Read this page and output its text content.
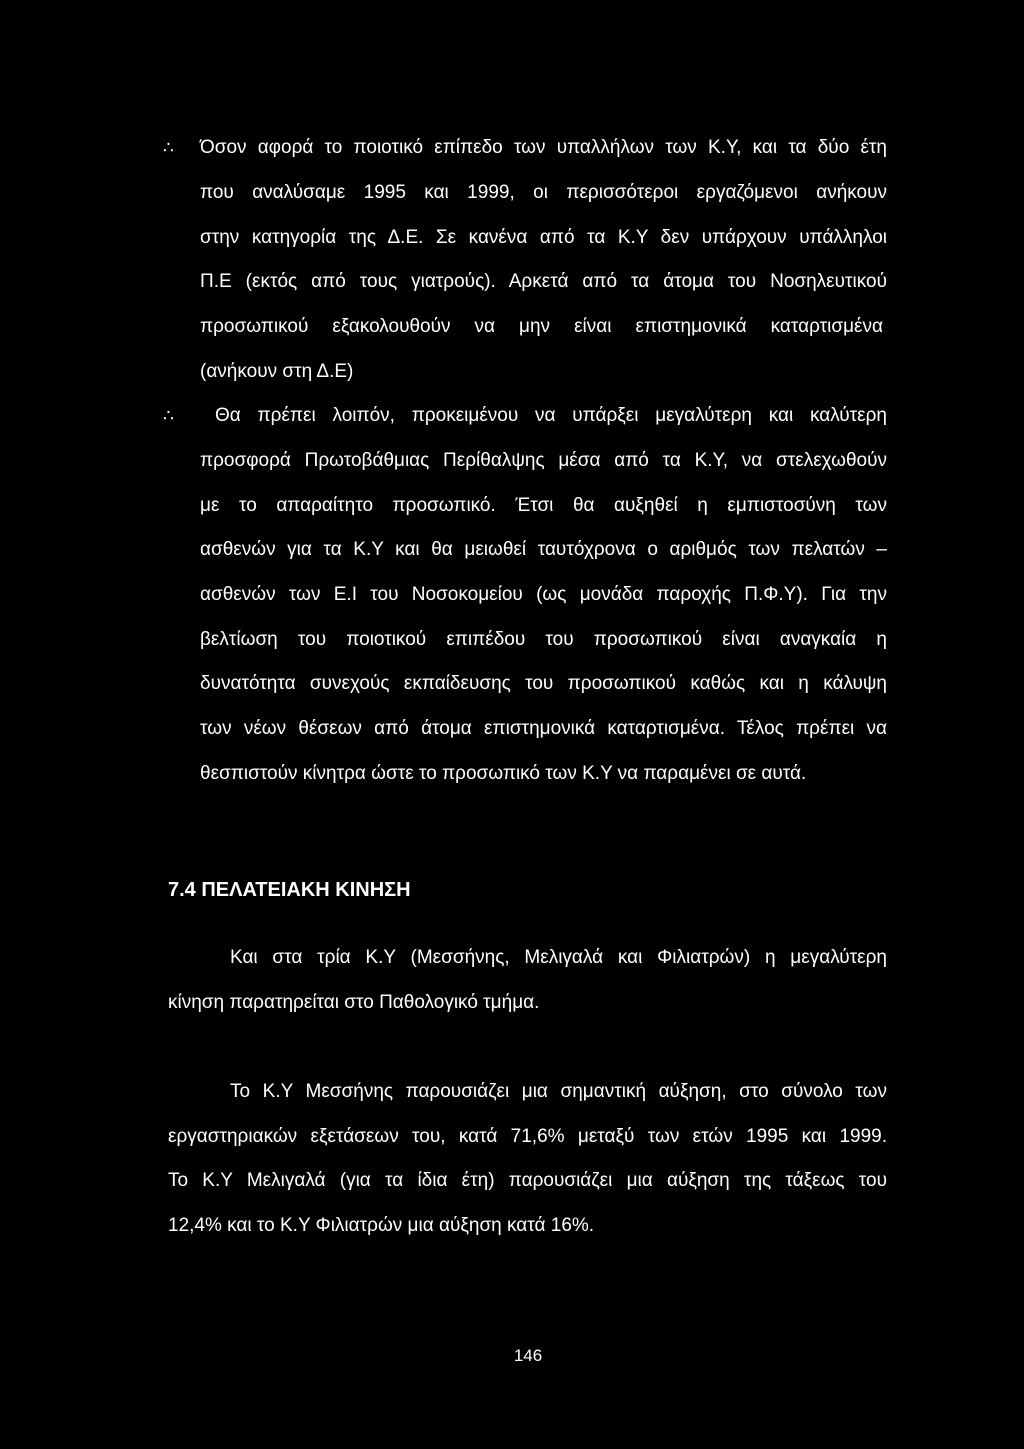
∴
∴
Όσον αφορά το ποιοτικό επίπεδο των υπαλλήλων των Κ.Υ, και τα δύο έτη
που αναλύσαμε 1995 και 1999, οι περισσότεροι εργαζόμενοι ανήκουν
στην κατηγορία της Δ.Ε. Σε κανένα από τα Κ.Υ δεν υπάρχουν υπάλληλοι
Π.Ε (εκτός από τους γιατρούς). Αρκετά από τα άτομα του Νοσηλευτικού
προσωπικού εξακολουθούν να μην είναι επιστημονικά καταρτισμένα
(ανήκουν στη Δ.Ε)
Θα πρέπει λοιπόν, προκειμένου να υπάρξει μεγαλύτερη και καλύτερη
προσφορά Πρωτοβάθμιας Περίθαλψης μέσα από τα Κ.Υ, να στελεχωθούν
με το απαραίτητο προσωπικό. Έτσι θα αυξηθεί η εμπιστοσύνη των
ασθενών για τα Κ.Υ και θα μειωθεί ταυτόχρονα ο αριθμός των πελατών –
ασθενών των Ε.Ι του Νοσοκομείου (ως μονάδα παροχής Π.Φ.Υ). Για την
βελτίωση του ποιοτικού επιπέδου του προσωπικού είναι αναγκαία η
δυνατότητα συνεχούς εκπαίδευσης του προσωπικού καθώς και η κάλυψη
των νέων θέσεων από άτομα επιστημονικά καταρτισμένα. Τέλος πρέπει να
θεσπιστούν κίνητρα ώστε το προσωπικό των Κ.Υ να παραμένει σε αυτά.
7.4 ΠΕΛΑΤΕΙΑΚΗ ΚΙΝΗΣΗ
Και στα τρία Κ.Υ (Μεσσήνης, Μελιγαλά και Φιλιατρών) η μεγαλύτερη
κίνηση παρατηρείται στο Παθολογικό τμήμα.
Το Κ.Υ Μεσσήνης παρουσιάζει μια σημαντική αύξηση, στο σύνολο των
εργαστηριακών εξετάσεων του, κατά 71,6% μεταξύ των ετών 1995 και 1999.
Το Κ.Υ Μελιγαλά (για τα ίδια έτη) παρουσιάζει μια αύξηση της τάξεως του
12,4% και το Κ.Υ Φιλιατρών μια αύξηση κατά 16%.
146
